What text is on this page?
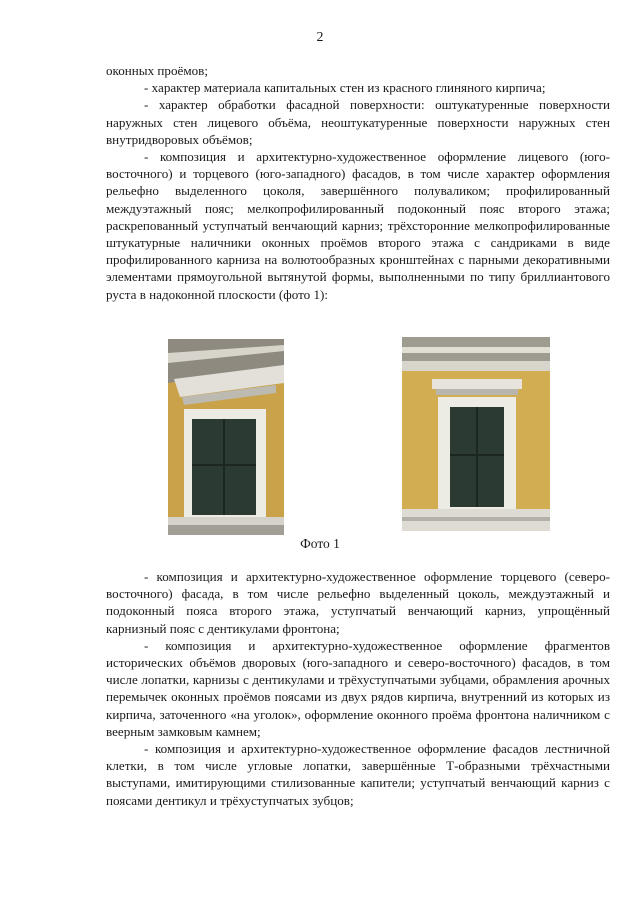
2

оконных проёмов;

- характер материала капитальных стен из красного глиняного кирпича;

- характер обработки фасадной поверхности: оштукатуренные поверхности наружных стен лицевого объёма, неоштукатуренные поверхности наружных стен внутридворовых объёмов;

- композиция и архитектурно-художественное оформление лицевого (юго-восточного) и торцевого (юго-западного) фасадов, в том числе характер оформления рельефно выделенного цоколя, завершённого полуваликом; профилированный междуэтажный пояс; мелкопрофилированный подоконный пояс второго этажа; раскрепованный уступчатый венчающий карниз; трёхсторонние мелкопрофилированные штукатурные наличники оконных проёмов второго этажа с сандриками в виде профилированного карниза на волютообразных кронштейнах с парными декоративными элементами прямоугольной вытянутой формы, выполненными по типу бриллиантового руста в надоконной плоскости (фото 1):

Фото 1

- композиция и архитектурно-художественное оформление торцевого (северо-восточного) фасада, в том числе рельефно выделенный цоколь, междуэтажный и подоконный пояса второго этажа, уступчатый венчающий карниз, упрощённый карнизный пояс с дентикулами фронтона;

- композиция и архитектурно-художественное оформление фрагментов исторических объёмов дворовых (юго-западного и северо-восточного) фасадов, в том числе лопатки, карнизы с дентикулами и трёхуступчатыми зубцами, обрамления арочных перемычек оконных проёмов поясами из двух рядов кирпича, внутренний из которых из кирпича, заточенного «на уголок», оформление оконного проёма фронтона наличником с веерным замковым камнем;

- композиция и архитектурно-художественное оформление фасадов лестничной клетки, в том числе угловые лопатки, завершённые Т-образными трёхчастными выступами, имитирующими стилизованные капители; уступчатый венчающий карниз с поясами дентикул и трёхуступчатых зубцов;
